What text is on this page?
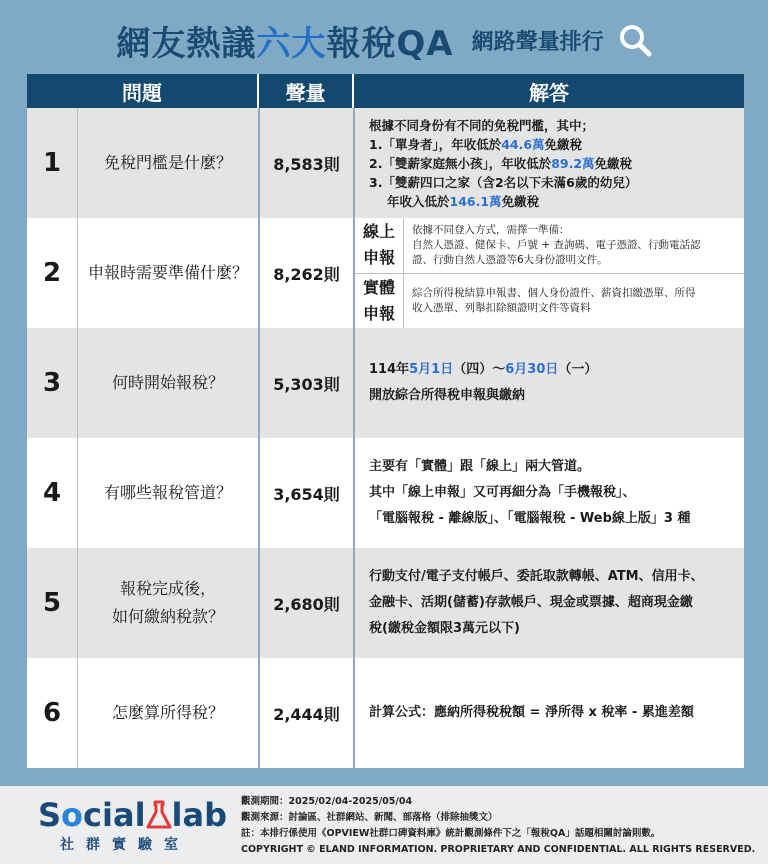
網友熱議六大報稅QA 網路聲量排行
問題	聲量	解答
1	免稅門檻是什麼？	8,583則
根據不同身份有不同的免稅門檻，其中；
1.「單身者」，年收低於44.6萬免繳稅
2.「雙薪家庭無小孩」，年收低於89.2萬免繳稅
3.「雙薪四口之家（含2名以下未滿6歲的幼兒）
年收入低於146.1萬免繳稅
2	申報時需要準備什麼？	8,262則
線上
申報
依據不同登入方式，需擇一準備：
自然人憑證、健保卡、戶號 + 查詢碼、電子憑證、行動電話認
證、行動自然人憑證等6大身份證明文件。
實體
申報
綜合所得稅結算申報書、個人身份證件、薪資扣繳憑單、所得
收入憑單、列舉扣除額證明文件等資料
3	何時開始報稅？	5,303則
114年5月1日（四）～6月30日（一）
開放綜合所得稅申報與繳納
4	有哪些報稅管道？	3,654則
主要有「實體」跟「線上」兩大管道。
其中「線上申報」又可再細分為「手機報稅」、
「電腦報稅 - 離線版」、「電腦報稅 - Web線上版」3 種
5	報稅完成後，
如何繳納稅款？
2,680則
行動支付/電子支付帳戶、委託取款轉帳、ATM、信用卡、
金融卡、活期(儲蓄)存款帳戶、現金或票據、超商現金繳
稅(繳稅金額限3萬元以下)
6	怎麼算所得稅？	2,444則	計算公式：應納所得稅稅額 = 淨所得 x 稅率 - 累進差額
Social lab
社群實驗室
觀測期間：2025/02/04-2025/05/04
觀測來源：討論區、社群網站、新聞、部落格（排除抽獎文）
註：本排行係使用《OPVIEW社群口碑資料庫》統計觀測條件下之「報稅QA」話題相關討論則數。
COPYRIGHT © ELAND INFORMATION. PROPRIETARY AND CONFIDENTIAL. ALL RIGHTS RESERVED.
